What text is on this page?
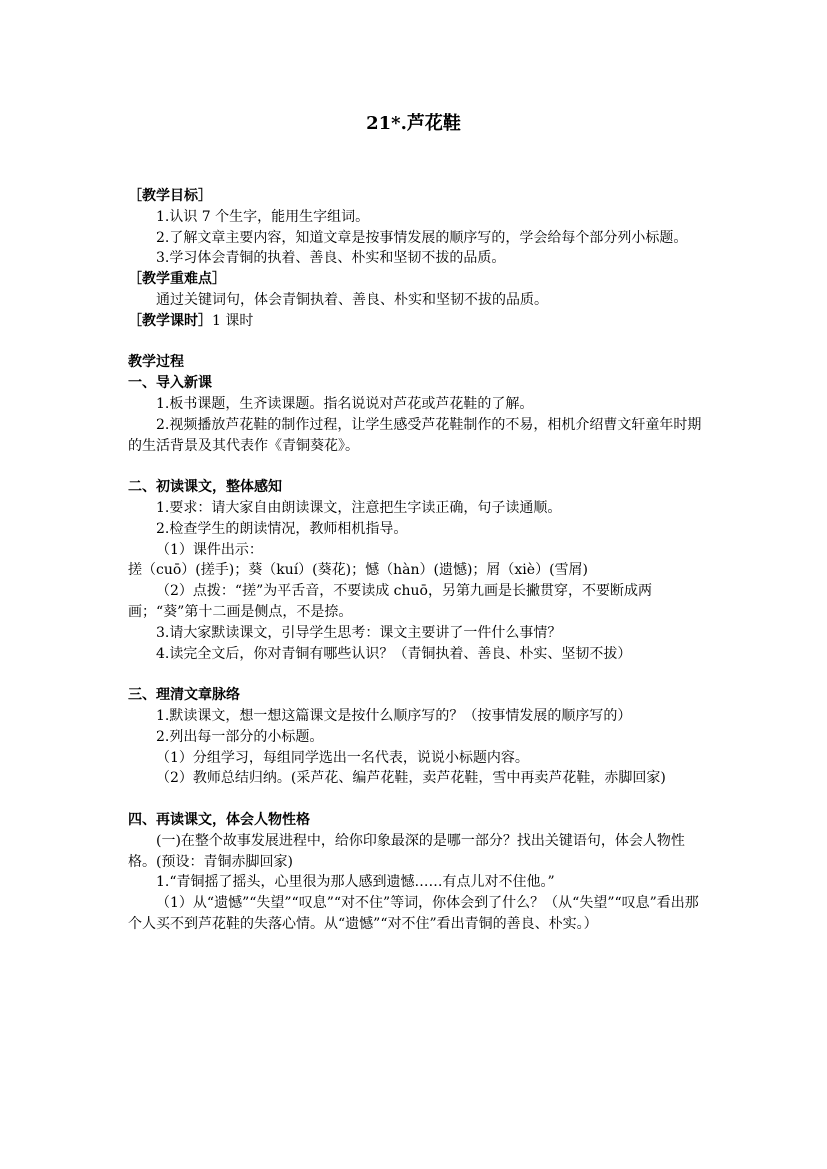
21*.芦花鞋

［教学目标］

1.认识 7 个生字，能用生字组词。

2.了解文章主要内容，知道文章是按事情发展的顺序写的，学会给每个部分列小标题。

3.学习体会青铜的执着、善良、朴实和坚韧不拔的品质。

［教学重难点］

通过关键词句，体会青铜执着、善良、朴实和坚韧不拔的品质。

［教学课时］1 课时

教学过程

一、导入新课

1.板书课题，生齐读课题。指名说说对芦花或芦花鞋的了解。

2.视频播放芦花鞋的制作过程，让学生感受芦花鞋制作的不易，相机介绍曹文轩童年时期的生活背景及其代表作《青铜葵花》。

二、初读课文，整体感知

1.要求：请大家自由朗读课文，注意把生字读正确，句子读通顺。

2.检查学生的朗读情况，教师相机指导。

（1）课件出示：

搓（cuō）(搓手)；葵（kuí）(葵花)；憾（hàn）(遗憾)；屑（xiè）(雪屑)

（2）点拨：“搓”为平舌音，不要读成 chuō，另第九画是长撇贯穿，不要断成两画；“葵”第十二画是侧点，不是捺。

3.请大家默读课文，引导学生思考：课文主要讲了一件什么事情？

4.读完全文后，你对青铜有哪些认识？（青铜执着、善良、朴实、坚韧不拔）

三、理清文章脉络

1.默读课文，想一想这篇课文是按什么顺序写的？（按事情发展的顺序写的）

2.列出每一部分的小标题。

（1）分组学习，每组同学选出一名代表，说说小标题内容。

（2）教师总结归纳。(采芦花、编芦花鞋，卖芦花鞋，雪中再卖芦花鞋，赤脚回家)

四、再读课文，体会人物性格

(一)在整个故事发展进程中，给你印象最深的是哪一部分？找出关键语句，体会人物性格。(预设：青铜赤脚回家)

1.“青铜摇了摇头，心里很为那人感到遗憾……有点儿对不住他。”

（1）从“遗憾”“失望”“叹息”“对不住”等词，你体会到了什么？（从“失望”“叹息”看出那个人买不到芦花鞋的失落心情。从“遗憾”“对不住”看出青铜的善良、朴实。）
